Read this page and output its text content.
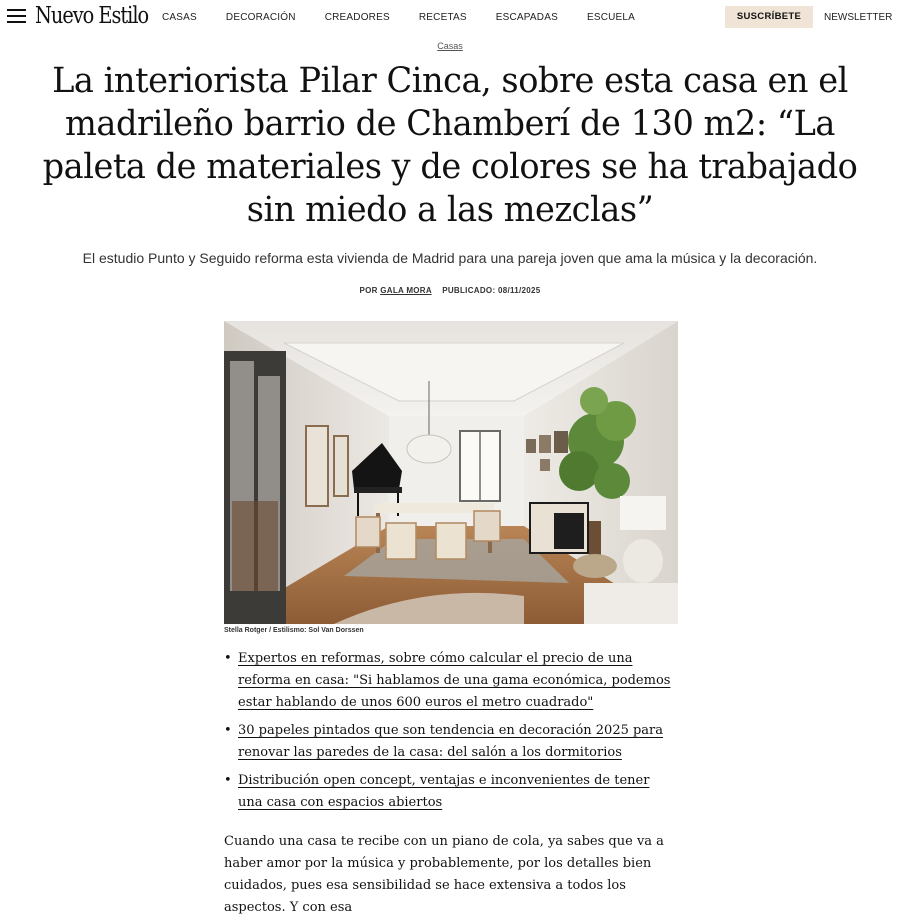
Nuevo Estilo CASAS	DECORACIÓN	CREADORES	RECETAS	ESCAPADAS	ESCUELA	SUSCRÍBETE	NEWSLETTER
Casas
La interiorista Pilar Cinca, sobre esta casa en el madrileño barrio de Chamberí de 130 m2: “La paleta de materiales y de colores se ha trabajado sin miedo a las mezclas”

El estudio Punto y Seguido reforma esta vivienda de Madrid para una pareja joven que ama la música y la decoración.

POR GALA MORA PUBLICADO: 08/11/2025
Stella Rotger / Estilismo: Sol Van Dorssen
• Expertos en reformas, sobre cómo calcular el precio de una reforma en casa: "Si hablamos de una gama económica, podemos estar hablando de unos 600 euros el metro cuadrado"
• 30 papeles pintados que son tendencia en decoración 2025 para renovar las paredes de la casa: del salón a los dormitorios
• Distribución open concept, ventajas e inconvenientes de tener una casa con espacios abiertos

Cuando una casa te recibe con un piano de cola, ya sabes que va a haber amor por la música y probablemente, por los detalles bien cuidados, pues esa sensibilidad se hace extensiva a todos los aspectos. Y con esa
